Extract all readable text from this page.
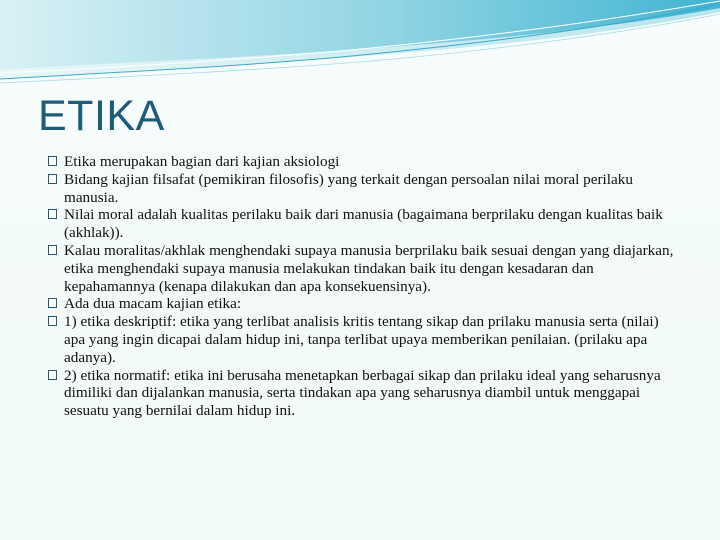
ETIKA
Etika merupakan bagian dari kajian aksiologi
Bidang kajian filsafat (pemikiran filosofis) yang terkait dengan persoalan nilai moral perilaku manusia.
Nilai moral adalah kualitas perilaku baik dari manusia (bagaimana berprilaku dengan kualitas baik (akhlak)).
Kalau moralitas/akhlak menghendaki supaya manusia berprilaku baik sesuai dengan yang diajarkan, etika menghendaki supaya manusia melakukan tindakan baik itu dengan kesadaran dan kepahamannya (kenapa dilakukan dan apa konsekuensinya).
Ada dua macam kajian etika:
1) etika deskriptif: etika yang terlibat analisis kritis tentang sikap dan prilaku manusia serta (nilai) apa yang ingin dicapai dalam hidup ini, tanpa terlibat upaya memberikan penilaian. (prilaku apa adanya).
2) etika normatif: etika ini berusaha menetapkan berbagai sikap dan prilaku ideal yang seharusnya dimiliki dan dijalankan manusia, serta tindakan apa yang seharusnya diambil untuk menggapai sesuatu yang bernilai dalam hidup ini.
